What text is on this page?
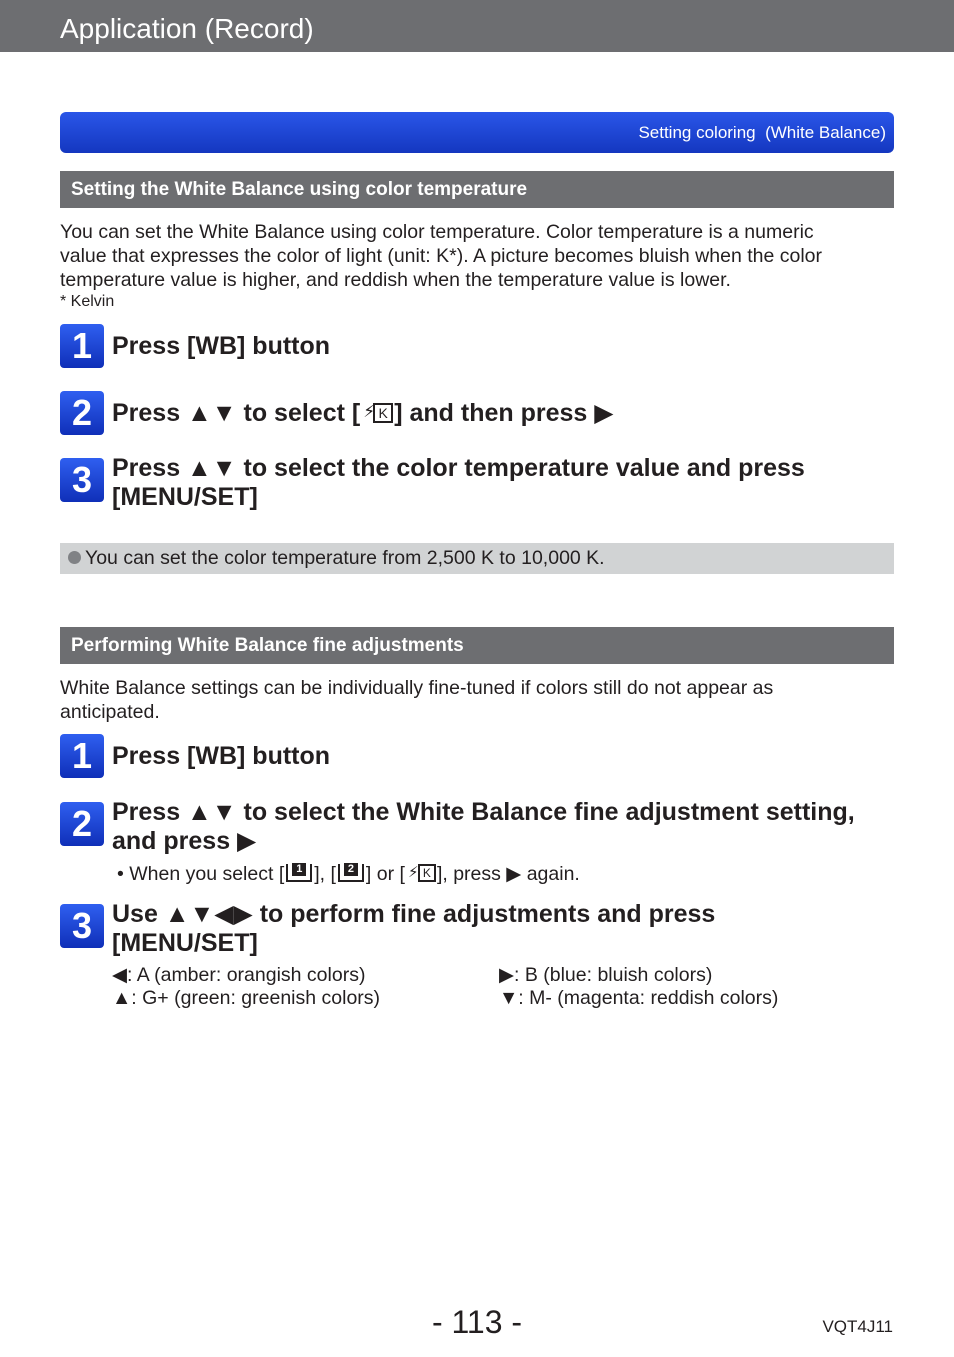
Application (Record)
Setting coloring  (White Balance)
Setting the White Balance using color temperature
You can set the White Balance using color temperature. Color temperature is a numeric
value that expresses the color of light (unit: K*). A picture becomes bluish when the color
temperature value is higher, and reddish when the temperature value is lower.
* Kelvin
1 Press [WB] button
2 Press ▲▼ to select [ ⚡ K ] and then press ▶
3 Press ▲▼ to select the color temperature value and press
[MENU/SET]
You can set the color temperature from 2,500 K to 10,000 K.
Performing White Balance fine adjustments
White Balance settings can be individually fine-tuned if colors still do not appear as
anticipated.
1 Press [WB] button
2 Press ▲▼ to select the White Balance fine adjustment setting,
and press ▶
• When you select [	1 ], [	2 ] or [ ⚡ K ], press ▶ again.
3 Use ▲▼◀▶ to perform fine adjustments and press
[MENU/SET]
◀: A (amber: orangish colors)	▶: B (blue: bluish colors)
▲: G+ (green: greenish colors)	▼: M- (magenta: reddish colors)
- 113 -	VQT4J11
